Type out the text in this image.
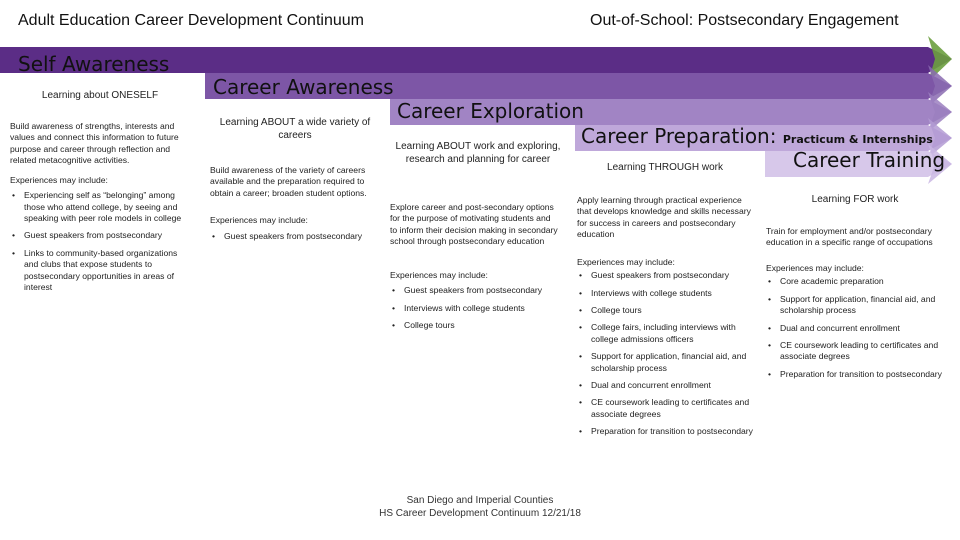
Adult Education Career Development Continuum	Out-of-School: Postsecondary Engagement
Self Awareness
Career Awareness
Career Exploration
Career Preparation: Practicum & Internships
Career Training
Learning about ONESELF

Build awareness of strengths, interests and values and connect this information to future purpose and career through reflection and related metacognitive activities.

Experiences may include:
• Experiencing self as “belonging” among those who attend college, by seeing and speaking with peer role models in college
• Guest speakers from postsecondary
• Links to community-based organizations and clubs that expose students to postsecondary opportunities in areas of interest
Learning ABOUT a wide variety of careers

Build awareness of the variety of careers available and the preparation required to obtain a career; broaden student options.

Experiences may include:
• Guest speakers from postsecondary
Learning ABOUT work and exploring, research and planning for career

Explore career and post-secondary options for the purpose of motivating students and to inform their decision making in secondary school through postsecondary education

Experiences may include:
• Guest speakers from postsecondary
• Interviews with college students
• College tours
Learning THROUGH work

Apply learning through practical experience that develops knowledge and skills necessary for success in careers and postsecondary education

Experiences may include:
• Guest speakers from postsecondary
• Interviews with college students
• College tours
• College fairs, including interviews with college admissions officers
• Support for application, financial aid, and scholarship process
• Dual and concurrent enrollment
• CE coursework leading to certificates and associate degrees
• Preparation for transition to postsecondary
Learning FOR work

Train for employment and/or postsecondary education in a specific range of occupations

Experiences may include:
• Core academic preparation
• Support for application, financial aid, and scholarship process
• Dual and concurrent enrollment
• CE coursework leading to certificates and associate degrees
• Preparation for transition to postsecondary
San Diego and Imperial Counties
HS Career Development Continuum 12/21/18
